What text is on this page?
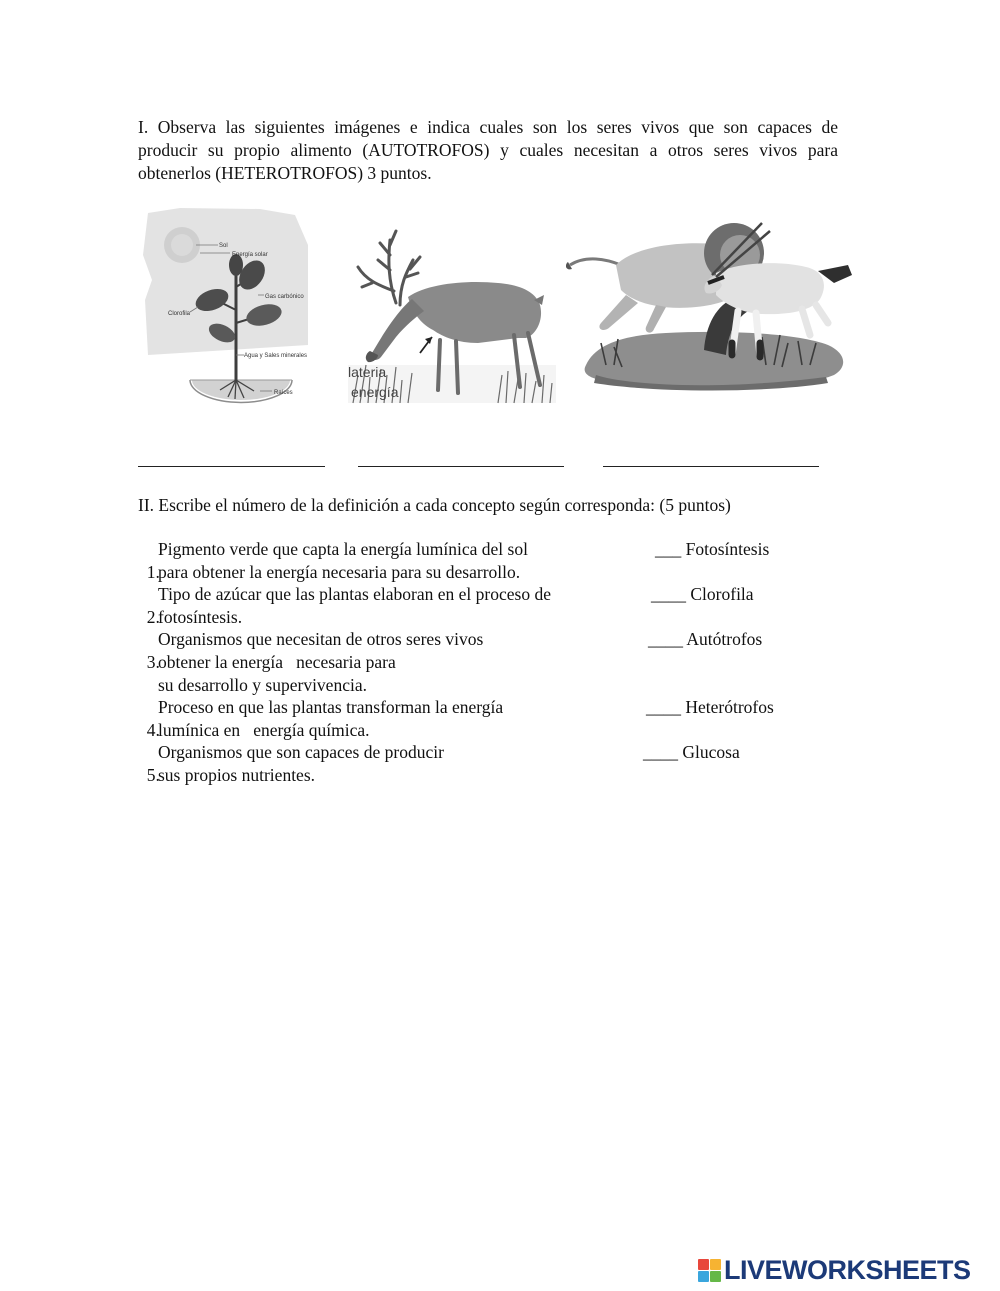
I. Observa las siguientes imágenes e indica cuales son los seres vivos que son capaces de

producir su propio alimento (AUTOTROFOS) y cuales necesitan a otros seres vivos para

obtenerlos (HETEROTROFOS) 3 puntos.

Sol
Energía solar
Gas carbónico
Clorofila
Agua y Sales minerales
Raíces
lateria
energía
II. Escribe el número de la definición a cada concepto según corresponda: (5 puntos)

1.
Pigmento verde que capta la energía lumínica del sol

para obtener la energía necesaria para su desarrollo.

2.
Tipo de azúcar que las plantas elaboran en el proceso de

fotosíntesis.

3.
Organismos que necesitan de otros seres vivos

obtener la energía   necesaria para

su desarrollo y supervivencia.

4.
Proceso en que las plantas transforman la energía

lumínica en   energía química.

5.
Organismos que son capaces de producir

sus propios nutrientes.

___ Fotosíntesis
____ Clorofila
____ Autótrofos
____ Heterótrofos
____ Glucosa
LIVEWORKSHEETS
